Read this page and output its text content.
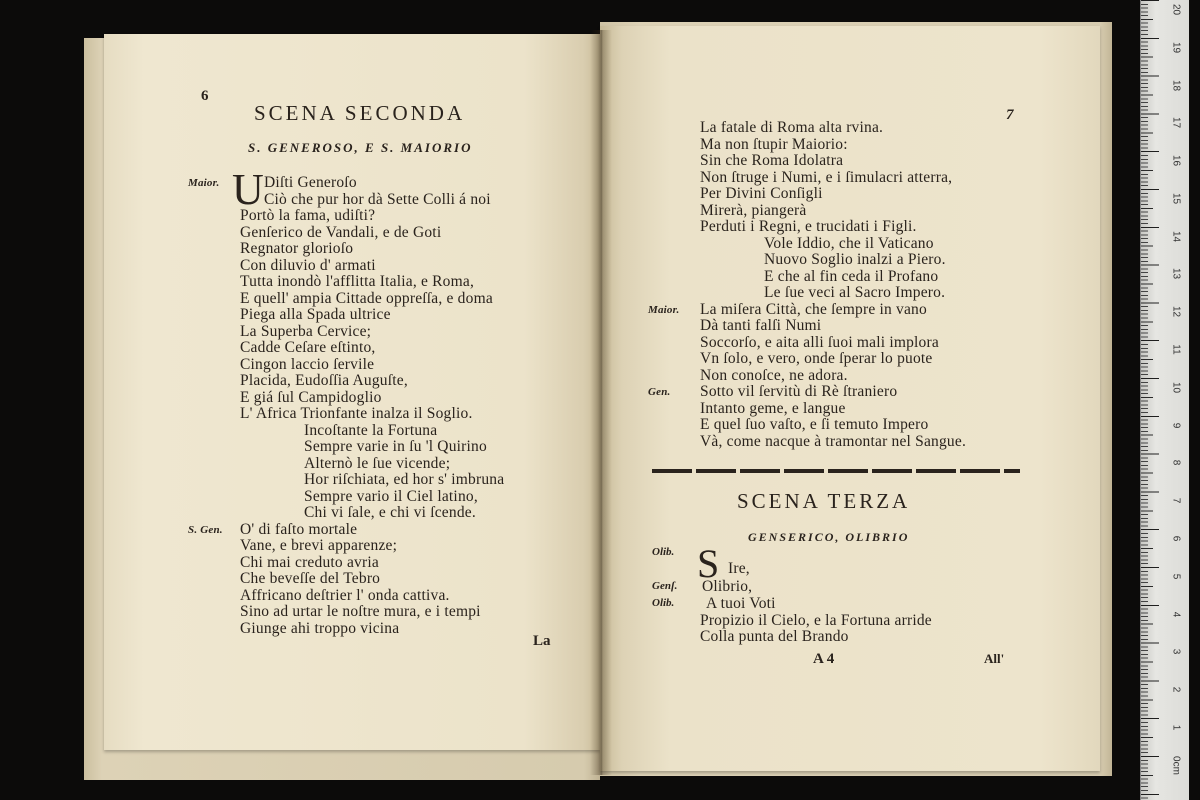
6
SCENA SECONDA
S. GENEROSO, E S. MAIORIO
U
Maior.	Diſti Generoſo
Ciò che pur hor dà Sette Colli á noi
Portò la fama, udiſti?
Genſerico de Vandali, e de Goti
Regnator glorioſo
Con diluvio d' armati
Tutta inondò l'afflitta Italia, e Roma,
E quell' ampia Cittade oppreſſa, e doma
Piega alla Spada ultrice
La Superba Cervice;
Cadde Ceſare eſtinto,
Cingon laccio ſervile
Placida, Eudoſſia Auguſte,
E giá ſul Campidoglio
L' Africa Trionfante inalza il Soglio.
Incoſtante la Fortuna
Sempre varie in ſu 'l Quirino
Alternò le ſue vicende;
Hor riſchiata, ed hor s' imbruna
Sempre vario il Ciel latino,
Chi vi ſale, e chi vi ſcende.
S. Gen. O' di faſto mortale
Vane, e brevi apparenze;
Chi mai creduto avria
Che beveſſe del Tebro
Affricano deſtrier l' onda cattiva.
Sino ad urtar le noſtre mura, e i tempi
Giunge ahi troppo vicina
La
7
La fatale di Roma alta rvina.
Ma non ſtupir Maiorio:
Sin che Roma Idolatra
Non ſtruge i Numi, e i ſimulacri atterra,
Per Divini Conſigli
Mirerà, piangerà
Perduti i Regni, e trucidati i Figli.
Vole Iddio, che il Vaticano
Nuovo Soglio inalzi a Piero.
E che al fin ceda il Profano
Le ſue veci al Sacro Impero.
Maior. La miſera Città, che ſempre in vano
Dà tanti falſi Numi
Soccorſo, e aita alli ſuoi mali implora
Vn ſolo, e vero, onde ſperar lo puote
Non conoſce, ne adora.
Gen. Sotto vil ſervitù di Rè ſtraniero
Intanto geme, e langue
E quel ſuo vaſto, e ſi temuto Impero
Và, come nacque à tramontar nel Sangue.
SCENA TERZA
GENSERICO, OLIBRIO
S
Olib.
Ire,
Genſ. Olibrio,
Olib. A tuoi Voti
Propizio il Cielo, e la Fortuna arride
Colla punta del Brando
A 4	All'
20
19
18
17
16
15
14
13
12
11
10
9
8
7
6
5
4
3
2
1
0cm
